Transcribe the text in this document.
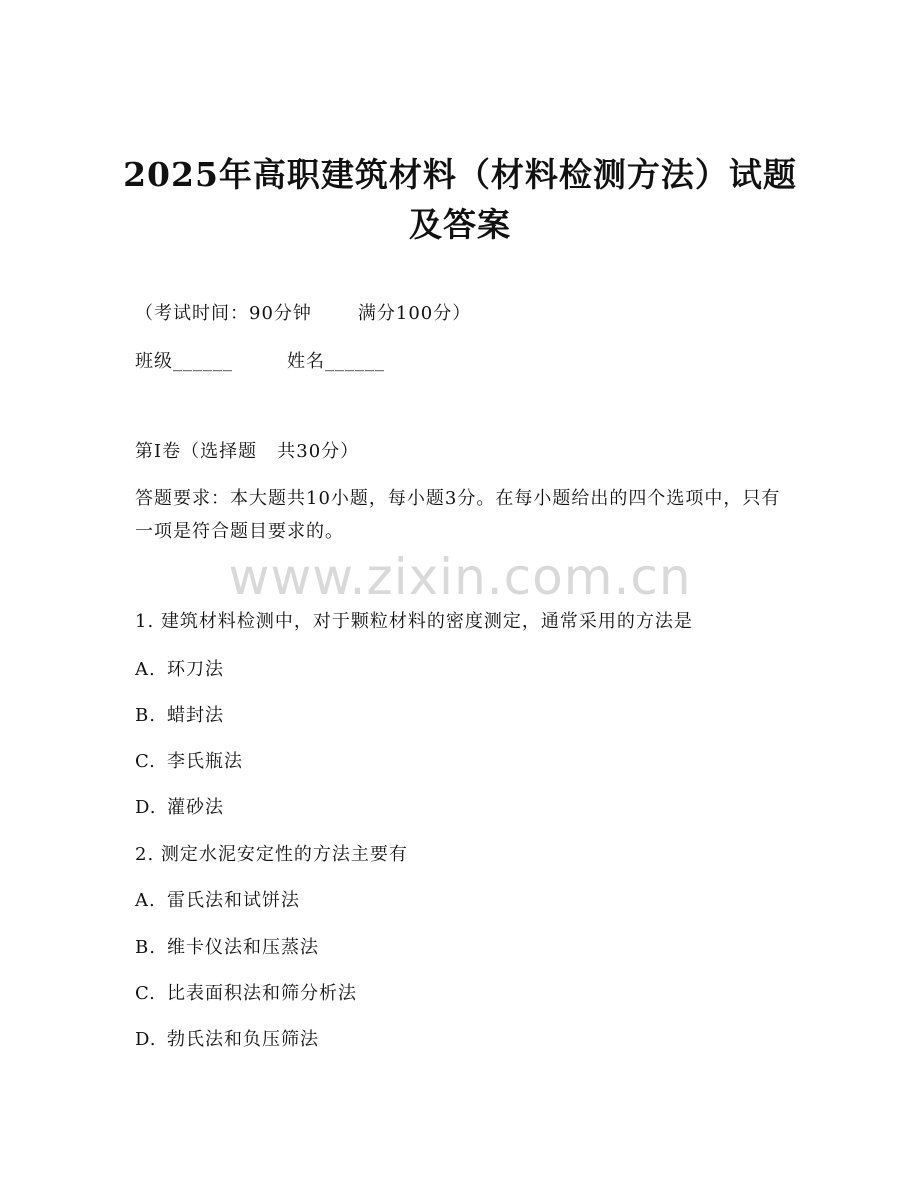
2025年高职建筑材料（材料检测方法）试题
及答案
（考试时间：90分钟	满分100分）
班级______	姓名______
第I卷（选择题   共30分）
答题要求：本大题共10小题，每小题3分。在每小题给出的四个选项中，只有一项是符合题目要求的。
www.zixin.com.cn
1. 建筑材料检测中，对于颗粒材料的密度测定，通常采用的方法是
A. 环刀法
B. 蜡封法
C. 李氏瓶法
D. 灌砂法
2. 测定水泥安定性的方法主要有
A. 雷氏法和试饼法
B. 维卡仪法和压蒸法
C. 比表面积法和筛分析法
D. 勃氏法和负压筛法
